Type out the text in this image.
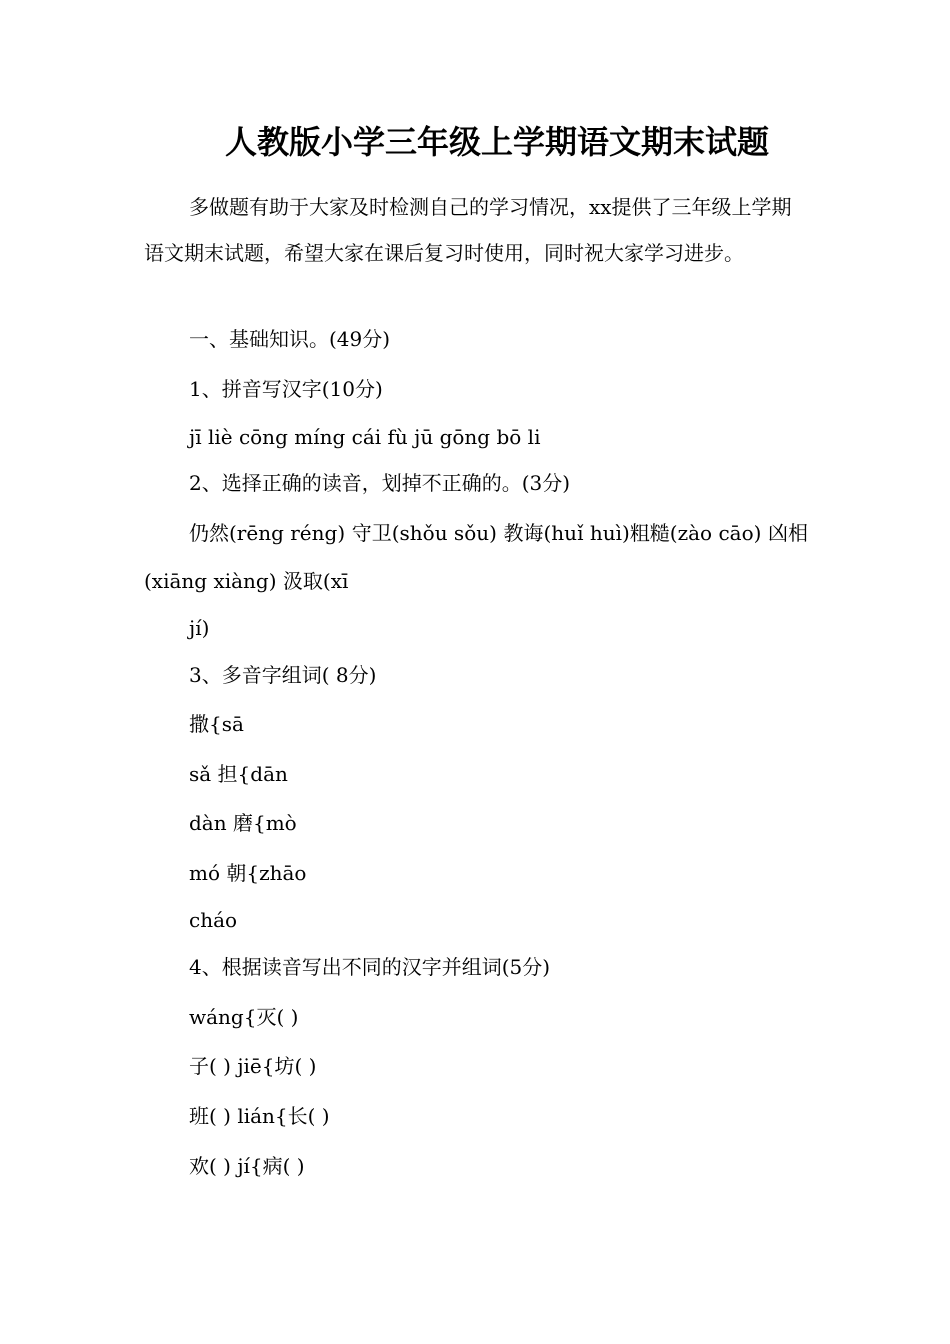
人教版小学三年级上学期语文期末试题
多做题有助于大家及时检测自己的学习情况，xx提供了三年级上学期语文期末试题，希望大家在课后复习时使用，同时祝大家学习进步。
一、基础知识。(49分)
1、拼音写汉字(10分)
jī liè cōng míng cái fù jū gōng bō li
2、选择正确的读音，划掉不正确的。(3分)
仍然(rēng réng) 守卫(shǒu sǒu) 教诲(huǐ huì)粗糙(zào cāo) 凶相
(xiāng xiàng) 汲取(xī
jí)
3、多音字组词( 8分)
撒{sā
sǎ 担{dān
dàn 磨{mò
mó 朝{zhāo
cháo
4、根据读音写出不同的汉字并组词(5分)
wáng{灭( )
子( ) jiē{坊( )
班( ) lián{长( )
欢( ) jí{病( )
